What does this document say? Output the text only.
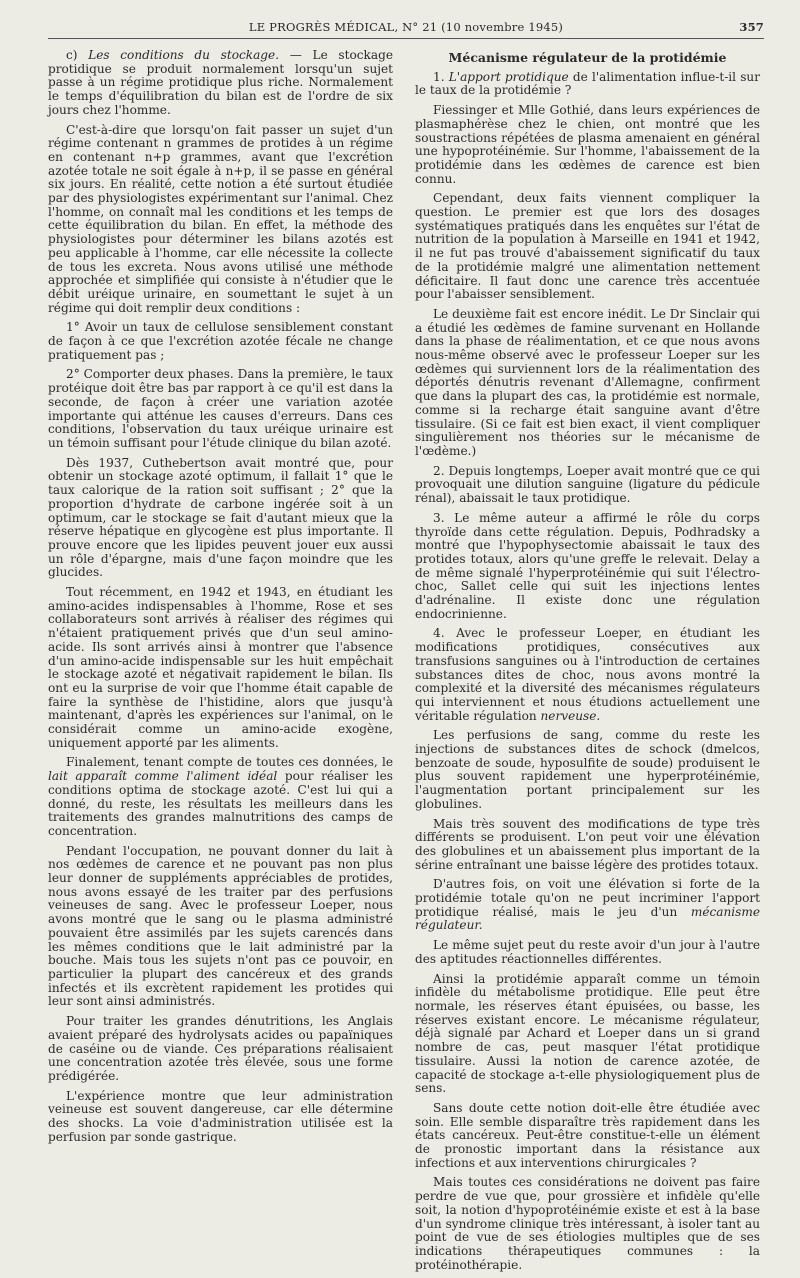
LE PROGRÈS MÉDICAL, N° 21 (10 novembre 1945)	357

c) Les conditions du stockage. — Le stockage protidique se produit normalement lorsqu'un sujet passe à un régime protidique plus riche. Normalement le temps d'équilibration du bilan est de l'ordre de six jours chez l'homme.

C'est-à-dire que lorsqu'on fait passer un sujet d'un régime contenant n grammes de protides à un régime en contenant n+p grammes, avant que l'excrétion azotée totale ne soit égale à n+p, il se passe en général six jours. En réalité, cette notion a été surtout étudiée par des physiologistes expérimentant sur l'animal. Chez l'homme, on connaît mal les conditions et les temps de cette équilibration du bilan. En effet, la méthode des physiologistes pour déterminer les bilans azotés est peu applicable à l'homme, car elle nécessite la collecte de tous les excreta. Nous avons utilisé une méthode approchée et simplifiée qui consiste à n'étudier que le débit uréique urinaire, en soumettant le sujet à un régime qui doit remplir deux conditions :

1° Avoir un taux de cellulose sensiblement constant de façon à ce que l'excrétion azotée fécale ne change pratiquement pas ;

2° Comporter deux phases. Dans la première, le taux protéique doit être bas par rapport à ce qu'il est dans la seconde, de façon à créer une variation azotée importante qui atténue les causes d'erreurs. Dans ces conditions, l'observation du taux uréique urinaire est un témoin suffisant pour l'étude clinique du bilan azoté.

Dès 1937, Cuthebertson avait montré que, pour obtenir un stockage azoté optimum, il fallait 1° que le taux calorique de la ration soit suffisant ; 2° que la proportion d'hydrate de carbone ingérée soit à un optimum, car le stockage se fait d'autant mieux que la réserve hépatique en glycogène est plus importante. Il prouve encore que les lipides peuvent jouer eux aussi un rôle d'épargne, mais d'une façon moindre que les glucides.

Tout récemment, en 1942 et 1943, en étudiant les amino-acides indispensables à l'homme, Rose et ses collaborateurs sont arrivés à réaliser des régimes qui n'étaient pratiquement privés que d'un seul amino-acide. Ils sont arrivés ainsi à montrer que l'absence d'un amino-acide indispensable sur les huit empêchait le stockage azoté et négativait rapidement le bilan. Ils ont eu la surprise de voir que l'homme était capable de faire la synthèse de l'histidine, alors que jusqu'à maintenant, d'après les expériences sur l'animal, on le considérait comme un amino-acide exogène, uniquement apporté par les aliments.

Finalement, tenant compte de toutes ces données, le lait apparaît comme l'aliment idéal pour réaliser les conditions optima de stockage azoté. C'est lui qui a donné, du reste, les résultats les meilleurs dans les traitements des grandes malnutritions des camps de concentration.

Pendant l'occupation, ne pouvant donner du lait à nos œdèmes de carence et ne pouvant pas non plus leur donner de suppléments appréciables de protides, nous avons essayé de les traiter par des perfusions veineuses de sang. Avec le professeur Loeper, nous avons montré que le sang ou le plasma administré pouvaient être assimilés par les sujets carencés dans les mêmes conditions que le lait administré par la bouche. Mais tous les sujets n'ont pas ce pouvoir, en particulier la plupart des cancéreux et des grands infectés et ils excrètent rapidement les protides qui leur sont ainsi administrés.

Pour traiter les grandes dénutritions, les Anglais avaient préparé des hydrolysats acides ou papaïniques de caséine ou de viande. Ces préparations réalisaient une concentration azotée très élevée, sous une forme prédigérée.

L'expérience montre que leur administration veineuse est souvent dangereuse, car elle détermine des shocks. La voie d'administration utilisée est la perfusion par sonde gastrique.

Mécanisme régulateur de la protidémie

1. L'apport protidique de l'alimentation influe-t-il sur le taux de la protidémie ?

Fiessinger et Mlle Gothié, dans leurs expériences de plasmaphérèse chez le chien, ont montré que les soustractions répétées de plasma amenaient en général une hypoprotéinémie. Sur l'homme, l'abaissement de la protidémie dans les œdèmes de carence est bien connu.

Cependant, deux faits viennent compliquer la question. Le premier est que lors des dosages systématiques pratiqués dans les enquêtes sur l'état de nutrition de la population à Marseille en 1941 et 1942, il ne fut pas trouvé d'abaissement significatif du taux de la protidémie malgré une alimentation nettement déficitaire. Il faut donc une carence très accentuée pour l'abaisser sensiblement.

Le deuxième fait est encore inédit. Le Dr Sinclair qui a étudié les œdèmes de famine survenant en Hollande dans la phase de réalimentation, et ce que nous avons nous-même observé avec le professeur Loeper sur les œdèmes qui surviennent lors de la réalimentation des déportés dénutris revenant d'Allemagne, confirment que dans la plupart des cas, la protidémie est normale, comme si la recharge était sanguine avant d'être tissulaire. (Si ce fait est bien exact, il vient compliquer singulièrement nos théories sur le mécanisme de l'œdème.)

2. Depuis longtemps, Loeper avait montré que ce qui provoquait une dilution sanguine (ligature du pédicule rénal), abaissait le taux protidique.

3. Le même auteur a affirmé le rôle du corps thyroïde dans cette régulation. Depuis, Podhradsky a montré que l'hypophysectomie abaissait le taux des protides totaux, alors qu'une greffe le relevait. Delay a de même signalé l'hyperprotéinémie qui suit l'électro-choc, Sallet celle qui suit les injections lentes d'adrénaline. Il existe donc une régulation endocrinienne.

4. Avec le professeur Loeper, en étudiant les modifications protidiques, consécutives aux transfusions sanguines ou à l'introduction de certaines substances dites de choc, nous avons montré la complexité et la diversité des mécanismes régulateurs qui interviennent et nous étudions actuellement une véritable régulation nerveuse.

Les perfusions de sang, comme du reste les injections de substances dites de schock (dmelcos, benzoate de soude, hyposulfite de soude) produisent le plus souvent rapidement une hyperprotéinémie, l'augmentation portant principalement sur les globulines.

Mais très souvent des modifications de type très différents se produisent. L'on peut voir une élévation des globulines et un abaissement plus important de la sérine entraînant une baisse légère des protides totaux.

D'autres fois, on voit une élévation si forte de la protidémie totale qu'on ne peut incriminer l'apport protidique réalisé, mais le jeu d'un mécanisme régulateur.

Le même sujet peut du reste avoir d'un jour à l'autre des aptitudes réactionnelles différentes.

Ainsi la protidémie apparaît comme un témoin infidèle du métabolisme protidique. Elle peut être normale, les réserves étant épuisées, ou basse, les réserves existant encore. Le mécanisme régulateur, déjà signalé par Achard et Loeper dans un si grand nombre de cas, peut masquer l'état protidique tissulaire. Aussi la notion de carence azotée, de capacité de stockage a-t-elle physiologiquement plus de sens.

Sans doute cette notion doit-elle être étudiée avec soin. Elle semble disparaître très rapidement dans les états cancéreux. Peut-être constitue-t-elle un élément de pronostic important dans la résistance aux infections et aux interventions chirurgicales ?

Mais toutes ces considérations ne doivent pas faire perdre de vue que, pour grossière et infidèle qu'elle soit, la notion d'hypoprotéinémie existe et est à la base d'un syndrome clinique très intéressant, à isoler tant au point de vue de ses étiologies multiples que de ses indications thérapeutiques communes : la protéinothérapie.
